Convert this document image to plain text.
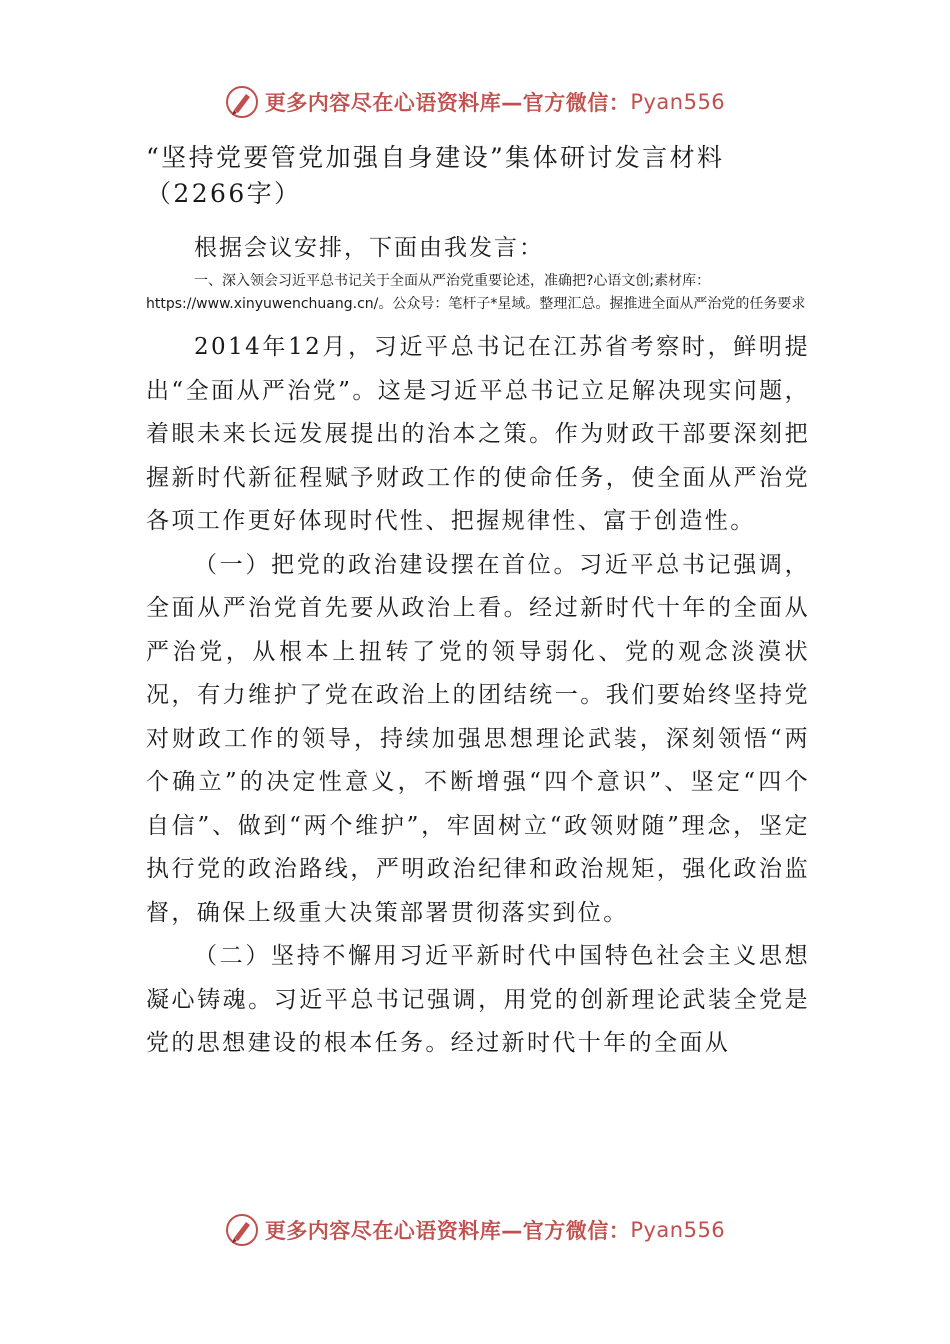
更多内容尽在心语资料库—官方微信： Pyan556

“坚持党要管党加强自身建设”集体研讨发言材料（2266字）

根据会议安排，下面由我发言：

一、深入领会习近平总书记关于全面从严治党重要论述，准确把?心语文创;素材库：https://www.xinyuwenchuang.cn/。公众号：笔杆子*星域。整理汇总。握推进全面从严治党的任务要求

2014年12月，习近平总书记在江苏省考察时，鲜明提出“全面从严治党”。这是习近平总书记立足解决现实问题，着眼未来长远发展提出的治本之策。作为财政干部要深刻把握新时代新征程赋予财政工作的使命任务，使全面从严治党各项工作更好体现时代性、把握规律性、富于创造性。

（一）把党的政治建设摆在首位。习近平总书记强调，全面从严治党首先要从政治上看。经过新时代十年的全面从严治党，从根本上扭转了党的领导弱化、党的观念淡漠状况，有力维护了党在政治上的团结统一。我们要始终坚持党对财政工作的领导，持续加强思想理论武装，深刻领悟“两个确立”的决定性意义，不断增强“四个意识”、坚定“四个自信”、做到“两个维护”，牢固树立“政领财随”理念，坚定执行党的政治路线，严明政治纪律和政治规矩，强化政治监督，确保上级重大决策部署贯彻落实到位。

（二）坚持不懈用习近平新时代中国特色社会主义思想凝心铸魂。习近平总书记强调，用党的创新理论武装全党是党的思想建设的根本任务。经过新时代十年的全面从

更多内容尽在心语资料库—官方微信： Pyan556
